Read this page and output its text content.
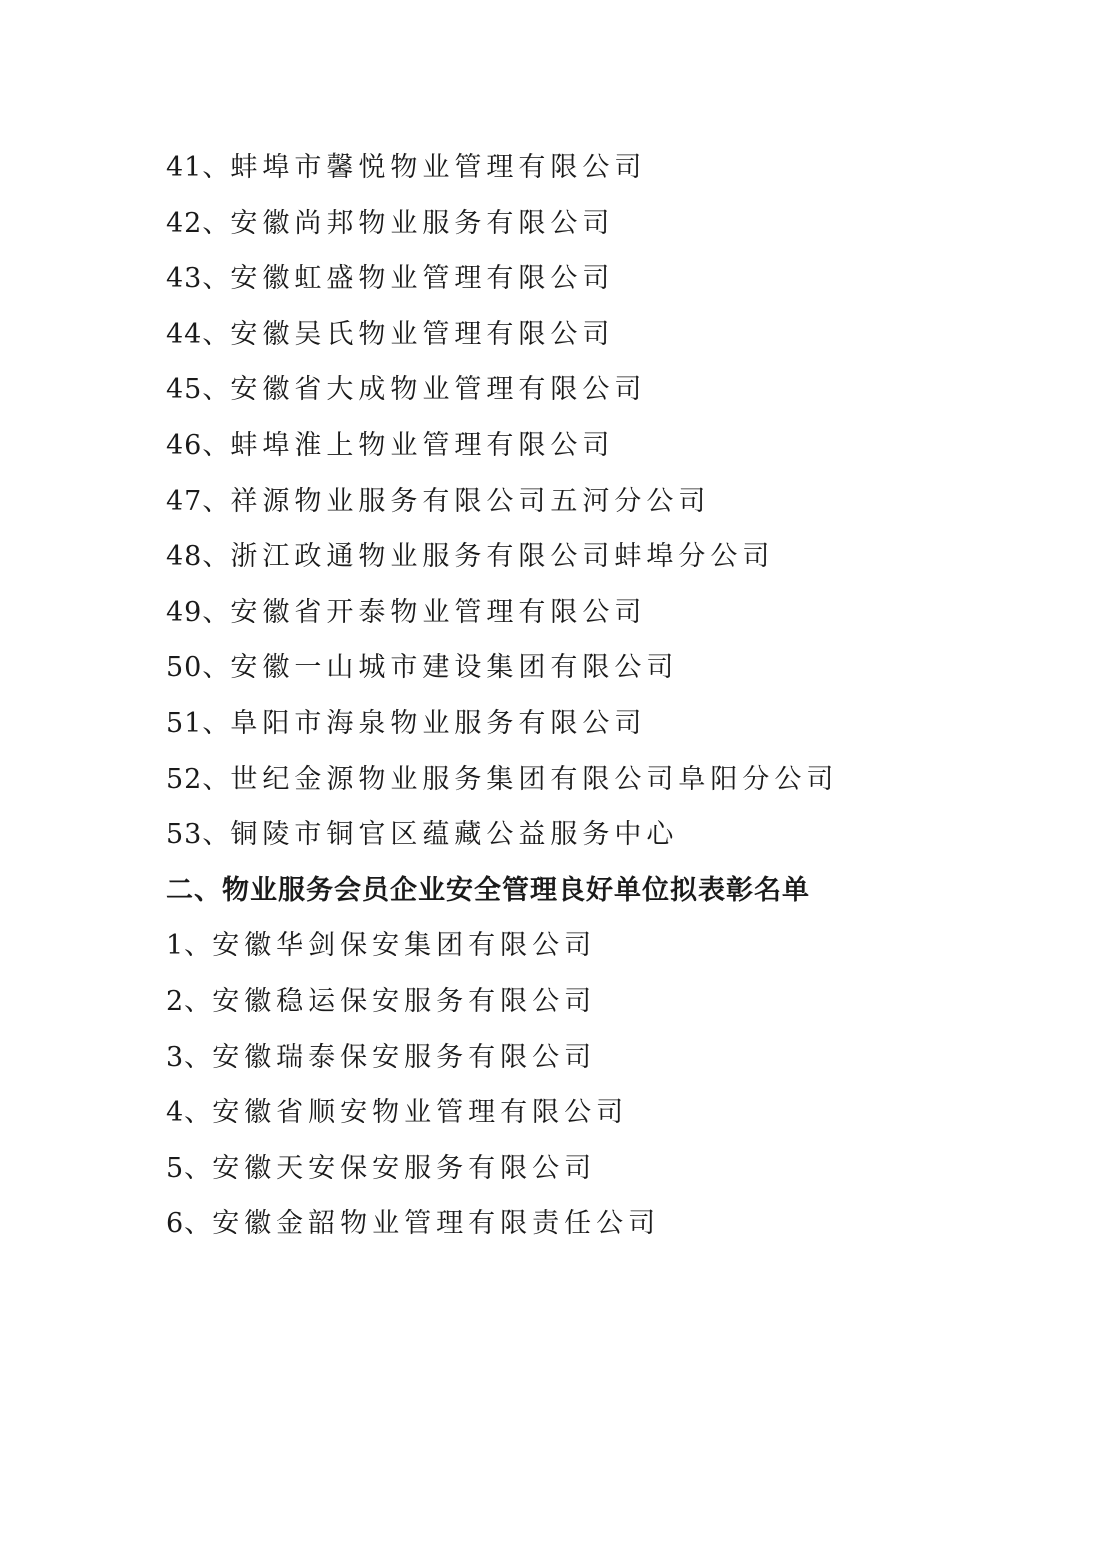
41、蚌埠市馨悦物业管理有限公司
42、安徽尚邦物业服务有限公司
43、安徽虹盛物业管理有限公司
44、安徽吴氏物业管理有限公司
45、安徽省大成物业管理有限公司
46、蚌埠淮上物业管理有限公司
47、祥源物业服务有限公司五河分公司
48、浙江政通物业服务有限公司蚌埠分公司
49、安徽省开泰物业管理有限公司
50、安徽一山城市建设集团有限公司
51、阜阳市海泉物业服务有限公司
52、世纪金源物业服务集团有限公司阜阳分公司
53、铜陵市铜官区蕴藏公益服务中心
二、物业服务会员企业安全管理良好单位拟表彰名单
1、安徽华剑保安集团有限公司
2、安徽稳运保安服务有限公司
3、安徽瑞泰保安服务有限公司
4、安徽省顺安物业管理有限公司
5、安徽天安保安服务有限公司
6、安徽金韶物业管理有限责任公司
